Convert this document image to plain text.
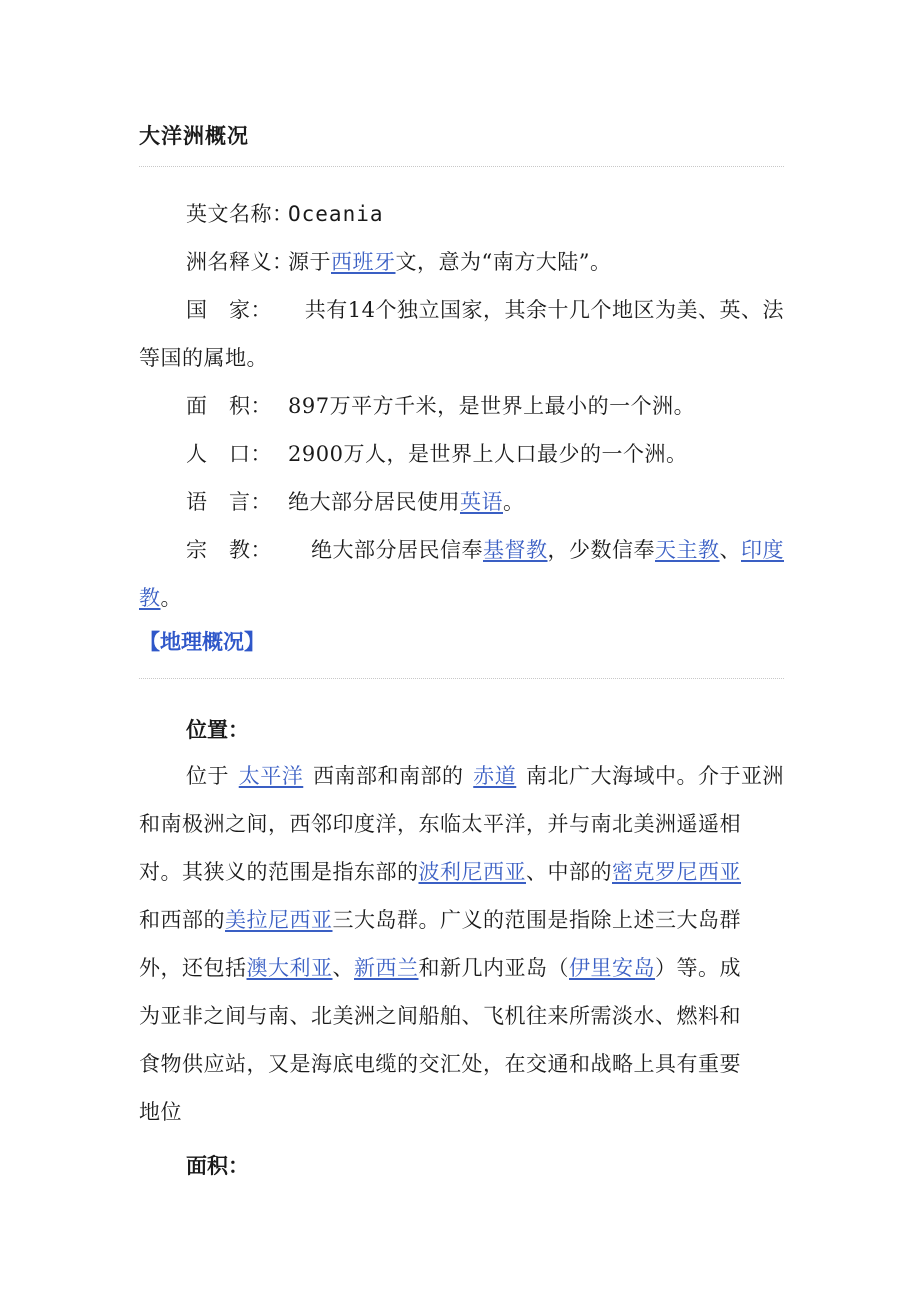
大洋洲概况
英文名称：Oceania
洲名释义：源于西班牙文，意为“南方大陆”。
国　家：	共有14个独立国家，其余十几个地区为美、英、法
等国的属地。
面　积： 897万平方千米，是世界上最小的一个洲。
人　口： 2900万人，是世界上人口最少的一个洲。
语　言： 绝大部分居民使用英语。
宗　教：	绝大部分居民信奉基督教，少数信奉天主教、印度
教。
【地理概况】
位置：
位于 太平洋 西南部和南部的 赤道 南北广大海域中。介于亚洲
和南极洲之间，西邻印度洋，东临太平洋，并与南北美洲遥遥相
对。其狭义的范围是指东部的波利尼西亚、中部的密克罗尼西亚
和西部的美拉尼西亚三大岛群。广义的范围是指除上述三大岛群
外，还包括澳大利亚、新西兰和新几内亚岛（伊里安岛）等。成
为亚非之间与南、北美洲之间船舶、飞机往来所需淡水、燃料和
食物供应站，又是海底电缆的交汇处，在交通和战略上具有重要
地位
面积：
